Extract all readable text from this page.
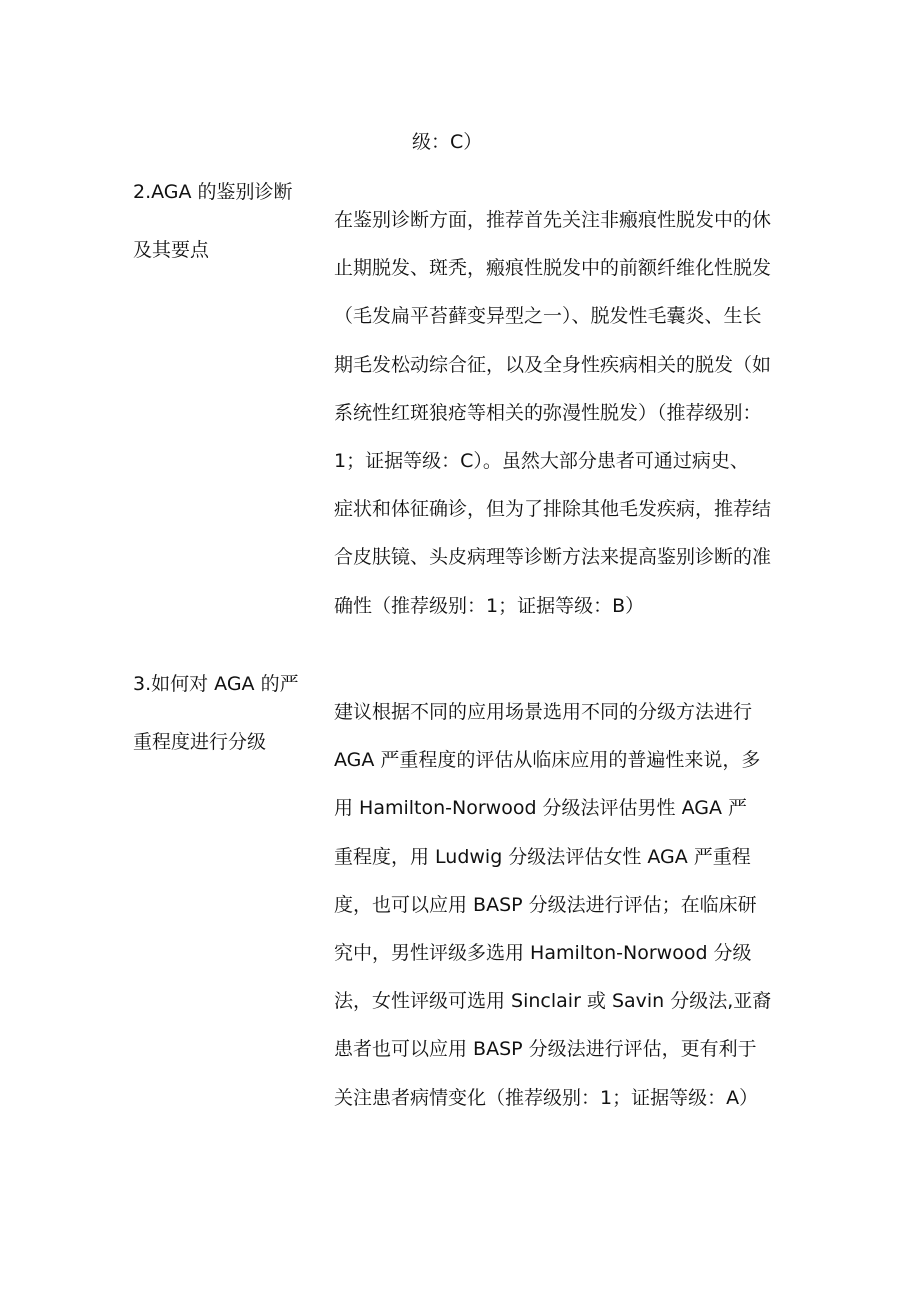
级：C）
2.AGA 的鉴别诊断
及其要点
在鉴别诊断方面，推荐首先关注非瘢痕性脱发中的休
止期脱发、斑秃，瘢痕性脱发中的前额纤维化性脱发
（毛发扁平苔藓变异型之一）、脱发性毛囊炎、生长
期毛发松动综合征，以及全身性疾病相关的脱发（如
系统性红斑狼疮等相关的弥漫性脱发）（推荐级别：
1；证据等级：C）。虽然大部分患者可通过病史、
症状和体征确诊，但为了排除其他毛发疾病，推荐结
合皮肤镜、头皮病理等诊断方法来提高鉴别诊断的准
确性（推荐级别：1；证据等级：B）
3.如何对 AGA 的严
重程度进行分级
建议根据不同的应用场景选用不同的分级方法进行
AGA 严重程度的评估从临床应用的普遍性来说，多
用 Hamilton-Norwood 分级法评估男性 AGA 严
重程度，用 Ludwig 分级法评估女性 AGA 严重程
度，也可以应用 BASP 分级法进行评估；在临床研
究中，男性评级多选用 Hamilton-Norwood 分级
法，女性评级可选用 Sinclair 或 Savin 分级法,亚裔
患者也可以应用 BASP 分级法进行评估，更有利于
关注患者病情变化（推荐级别：1；证据等级：A）
